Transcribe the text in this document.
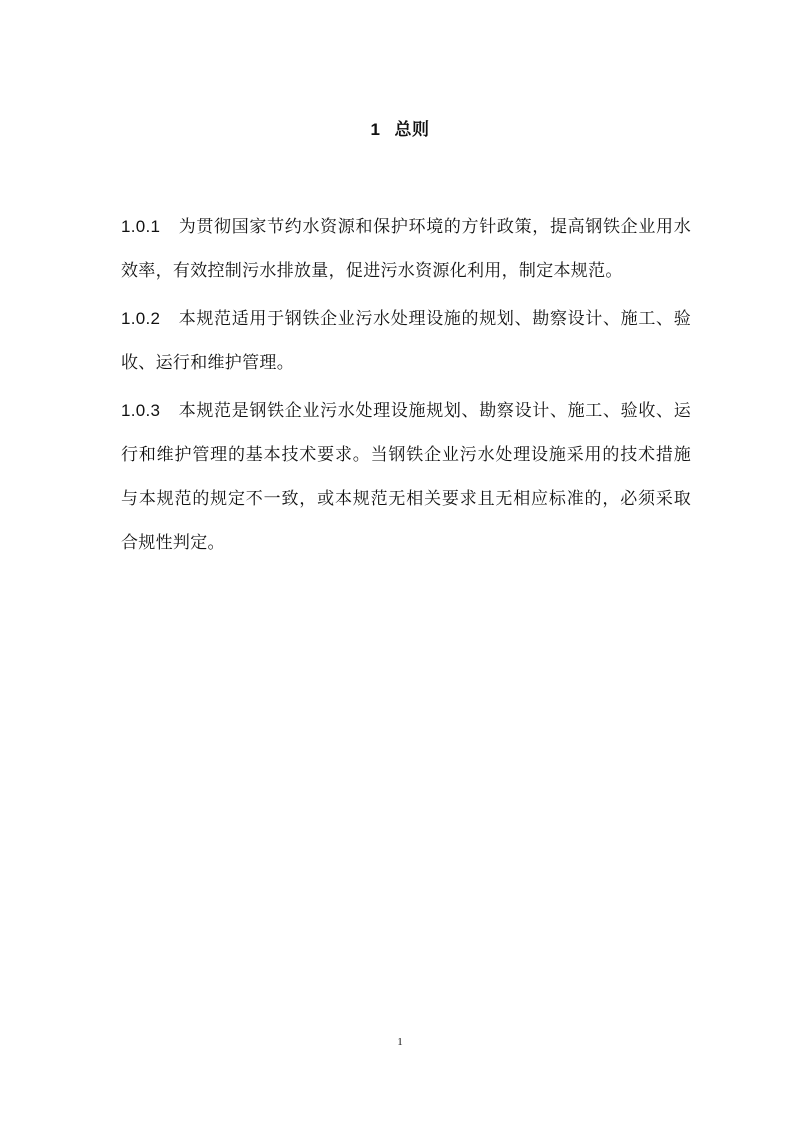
1 总则
1.0.1 为贯彻国家节约水资源和保护环境的方针政策，提高钢铁企业用水效率，有效控制污水排放量，促进污水资源化利用，制定本规范。
1.0.2 本规范适用于钢铁企业污水处理设施的规划、勘察设计、施工、验收、运行和维护管理。
1.0.3 本规范是钢铁企业污水处理设施规划、勘察设计、施工、验收、运行和维护管理的基本技术要求。当钢铁企业污水处理设施采用的技术措施与本规范的规定不一致，或本规范无相关要求且无相应标准的，必须采取合规性判定。
1
